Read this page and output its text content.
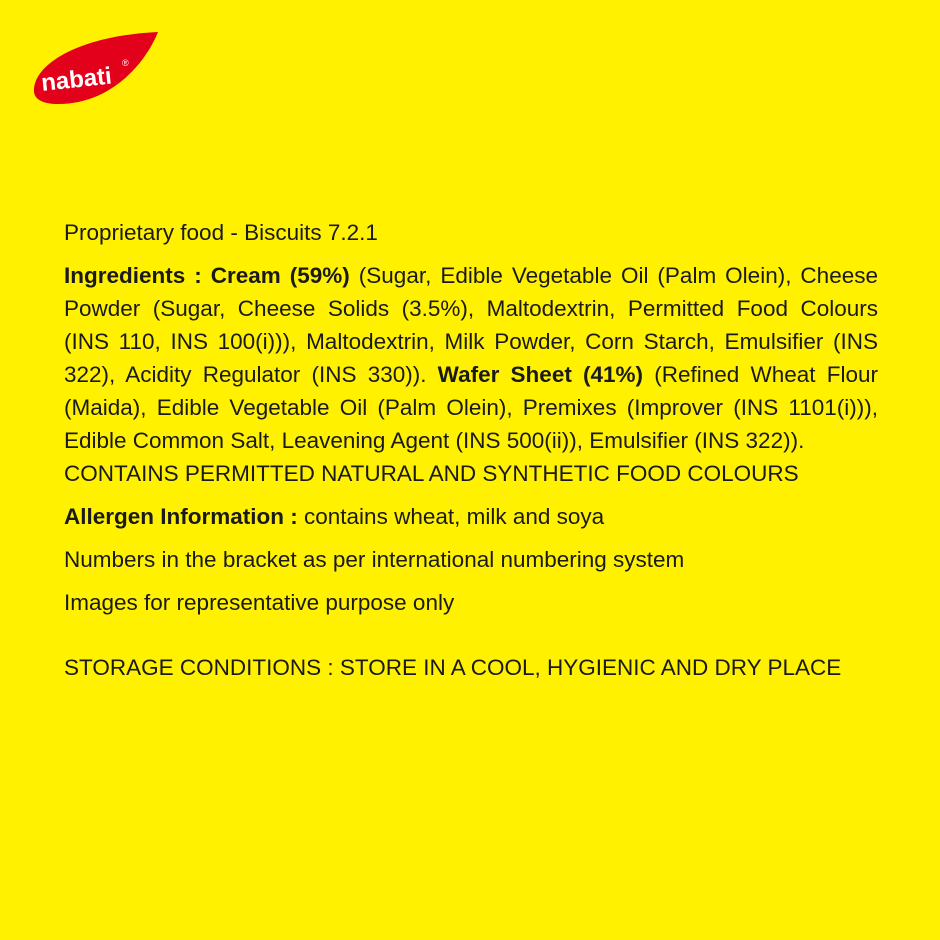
nabati ®

Proprietary food - Biscuits 7.2.1

Ingredients : Cream (59%) (Sugar, Edible Vegetable Oil (Palm Olein), Cheese Powder (Sugar, Cheese Solids (3.5%), Maltodextrin, Permitted Food Colours (INS 110, INS 100(i))), Maltodextrin, Milk Powder, Corn Starch, Emulsifier (INS 322), Acidity Regulator (INS 330)). Wafer Sheet (41%) (Refined Wheat Flour (Maida), Edible Vegetable Oil (Palm Olein), Premixes (Improver (INS 1101(i))), Edible Common Salt, Leavening Agent (INS 500(ii)), Emulsifier (INS 322)).

CONTAINS PERMITTED NATURAL AND SYNTHETIC FOOD COLOURS

Allergen Information : contains wheat, milk and soya

Numbers in the bracket as per international numbering system

Images for representative purpose only

STORAGE CONDITIONS : STORE IN A COOL, HYGIENIC AND DRY PLACE
